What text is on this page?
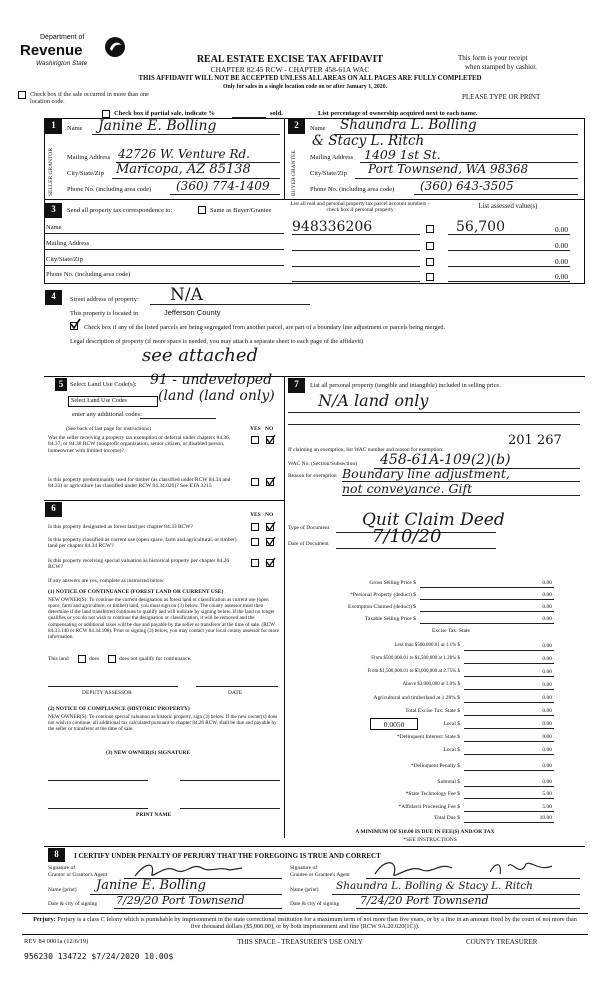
Department of
Revenue
Washington State	REAL ESTATE EXCISE TAX AFFIDAVIT
CHAPTER 82.45 RCW - CHAPTER 458-61A WAC
THIS AFFIDAVIT WILL NOT BE ACCEPTED UNLESS ALL AREAS ON ALL PAGES ARE FULLY COMPLETED
Only for sales in a single location code on or after January 1, 2020.
This form is your receipt
when stamped by cashier.
PLEASE TYPE OR PRINT
Check box if the sale occurred in more than one location code.
Check box if partial sale, indicate %	sold.	List percentage of ownership acquired next to each name.
1
SELLER GRANTOR
Name Janine E. Bolling
Mailing Address 42726 W. Venture Rd.
City/State/Zip Maricopa, AZ 85138
Phone No. (including area code) (360) 774-1409
2
BUYER GRANTEE
Name Shaundra L. Bolling
& Stacy L. Ritch
Mailing Address 1409 1st St.
City/State/Zip Port Townsend, WA 98368
Phone No. (including area code) (360) 643-3505
3	Send all property tax correspondence to:	Same as Buyer/Grantee
List all real and personal property tax parcel account numbers - check box if personal property
List assessed value(s)
Name
Mailing Address
City/State/Zip
Phone No. (including area code)
948336206	56,700	0.00
0.00
0.00
0.00
4	Street address of property: N/A
This property is located in	Jefferson County
Check box if any of the listed parcels are being segregated from another parcel, are part of a boundary line adjustment or parcels being merged.
Legal description of property (if more space is needed, you may attach a separate sheet to each page of the affidavit)
see attached
5	Select Land Use Code(s):
Select Land Use Codes
91 - undeveloped
(land (land only)
enter any additional codes:
(See back of last page for instructions)	YES NO
Was the seller receiving a property tax exemption or deferral under chapters 84.36, 84.37, or 84.38 RCW (nonprofit organization, senior citizen, or disabled person, homeowner with limited income)?
Is this property predominantly used for timber (as classified under RCW 84.34 and 84.33) or agriculture (as classified under RCW 84.34.020)? See ETA 3215
6
YES NO
Is this property designated as forest land per chapter 84.33 RCW?
Is this property classified as current use (open space, farm and agricultural, or timber) land per chapter 84.34 RCW?
Is this property receiving special valuation as historical property per chapter 84.26 RCW?
If any answers are yes, complete as instructed below.
(1) NOTICE OF CONTINUANCE (FOREST LAND OR CURRENT USE)
NEW OWNER(S): To continue the current designation as forest land or classification as current use (open space, farm and agriculture, or timber) land, you must sign on (3) below. The county assessor must then determine if the land transferred continues to qualify and will indicate by signing below. If the land no longer qualifies or you do not wish to continue the designation or classification, it will be removed and the compensating or additional taxes will be due and payable by the seller or transferor at the time of sale. (RCW 84.33.140 or RCW 84.34.108). Prior to signing (3) below, you may contact your local county assessor for more information.
This land	does	does not qualify for continuance.
DEPUTY ASSESSOR	DATE
(2) NOTICE OF COMPLIANCE (HISTORIC PROPERTY)
NEW OWNER(S): To continue special valuation as historic property, sign (3) below. If the new owner(s) does not wish to continue, all additional tax calculated pursuant to chapter 84.26 RCW, shall be due and payable by the seller or transferor at the time of sale.
(3) NEW OWNER(S) SIGNATURE
PRINT NAME
7	List all personal property (tangible and intangible) included in selling price.
N/A land only
If claiming an exemption, list WAC number and reason for exemption:
201 267
WAC No. (Section/Subsection) 458-61A-109(2)(b)
Reason for exemption Boundary line adjustment,
not conveyance. Gift
Type of Document Quit Claim Deed
Date of Document 7/10/20
Gross Selling Price $	0.00
*Personal Property (deduct) $	0.00
Exemption Claimed (deduct) $	0.00
Taxable Selling Price $	0.00
Excise Tax: State
Less than $500,000.01 at 1.1% $	0.00
From $500,000.01 to $1,500,000 at 1.28% $	0.00
From $1,500,000.01 to $3,000,000 at 2.75% $	0.00
Above $3,000,000 at 3.0% $	0.00
Agricultural and timberland at 1.28% $	0.00
Total Excise Tax: State $	0.00
0.0050	Local $	0.00
*Delinquent Interest: State $	0.00
Local $	0.00
*Delinquent Penalty $	0.00
Subtotal $	0.00
*State Technology Fee $	5.00
*Affidavit Processing Fee $	5.00
Total Due $	10.00
A MINIMUM OF $10.00 IS DUE IN FEE(S) AND/OR TAX
*SEE INSTRUCTIONS
8	I CERTIFY UNDER PENALTY OF PERJURY THAT THE FOREGOING IS TRUE AND CORRECT
Signature of
Grantor or Grantor's Agent
Name (print) Janine E. Bolling
Date & city of signing 7/29/20 Port Townsend
Signature of
Grantee or Grantee's Agent
Name (print) Shaundra L. Bolling & Stacy L. Ritch
Date & city of signing 7/24/20 Port Townsend
Perjury: Perjury is a class C felony which is punishable by imprisonment in the state correctional institution for a maximum term of not more than five years, or by a fine in an amount fixed by the court of not more than five thousand dollars ($5,000.00), or by both imprisonment and fine (RCW 9A.20.020(1C)).
REV 84 0001a (12/6/19)	THIS SPACE - TREASURER'S USE ONLY	COUNTY TREASURER
956230 134722 $7/24/2020 10.00$
